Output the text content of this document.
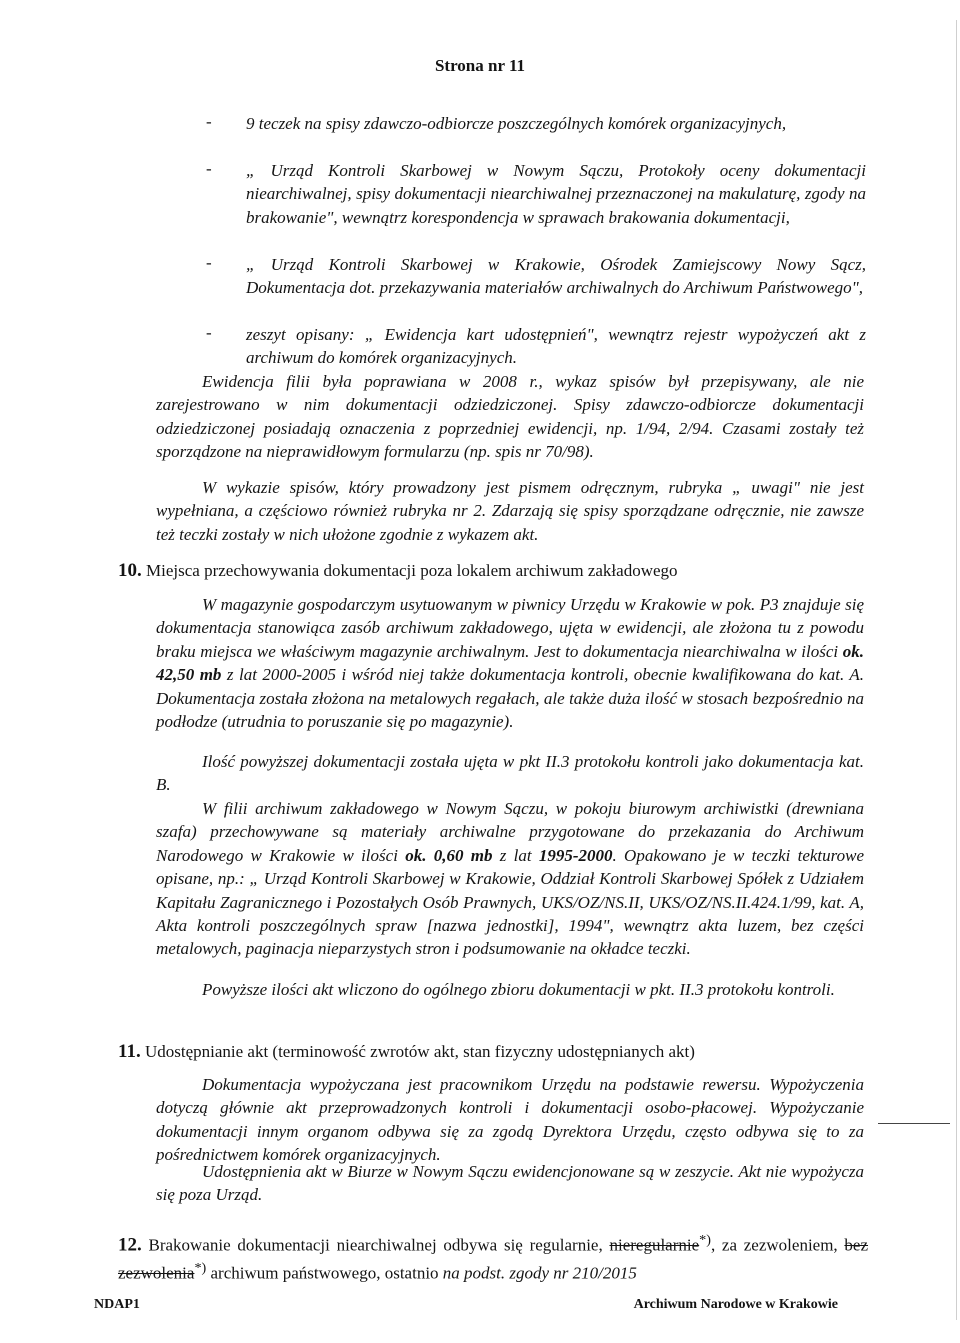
Strona nr 11
- 9 teczek na spisy zdawczo-odbiorcze poszczególnych komórek organizacyjnych,
- „ Urząd Kontroli Skarbowej w Nowym Sączu, Protokoły oceny dokumentacji niearchiwalnej, spisy dokumentacji niearchiwalnej przeznaczonej na makulaturę, zgody na brakowanie", wewnątrz korespondencja w sprawach brakowania dokumentacji,
- „ Urząd Kontroli Skarbowej w Krakowie, Ośrodek Zamiejscowy Nowy Sącz, Dokumentacja dot. przekazywania materiałów archiwalnych do Archiwum Państwowego",
- zeszyt opisany: „ Ewidencja kart udostępnień", wewnątrz rejestr wypożyczeń akt z archiwum do komórek organizacyjnych.
Ewidencja filii była poprawiana w 2008 r., wykaz spisów był przepisywany, ale nie zarejestrowano w nim dokumentacji odziedziczonej. Spisy zdawczo-odbiorcze dokumentacji odziedziczonej posiadają oznaczenia z poprzedniej ewidencji, np. 1/94, 2/94. Czasami zostały też sporządzone na nieprawidłowym formularzu (np. spis nr 70/98).
W wykazie spisów, który prowadzony jest pismem odręcznym, rubryka „ uwagi" nie jest wypełniana, a częściowo również rubryka nr 2. Zdarzają się spisy sporządzane odręcznie, nie zawsze też teczki zostały w nich ułożone zgodnie z wykazem akt.
10. Miejsca przechowywania dokumentacji poza lokalem archiwum zakładowego
W magazynie gospodarczym usytuowanym w piwnicy Urzędu w Krakowie w pok. P3 znajduje się dokumentacja stanowiąca zasób archiwum zakładowego, ujęta w ewidencji, ale złożona tu z powodu braku miejsca we właściwym magazynie archiwalnym. Jest to dokumentacja niearchiwalna w ilości ok. 42,50 mb z lat 2000-2005 i wśród niej także dokumentacja kontroli, obecnie kwalifikowana do kat. A. Dokumentacja została złożona na metalowych regałach, ale także duża ilość w stosach bezpośrednio na podłodze (utrudnia to poruszanie się po magazynie).
Ilość powyższej dokumentacji została ujęta w pkt II.3 protokołu kontroli jako dokumentacja kat. B.
W filii archiwum zakładowego w Nowym Sączu, w pokoju biurowym archiwistki (drewniana szafa) przechowywane są materiały archiwalne przygotowane do przekazania do Archiwum Narodowego w Krakowie w ilości ok. 0,60 mb z lat 1995-2000. Opakowano je w teczki tekturowe opisane, np.: „ Urząd Kontroli Skarbowej w Krakowie, Oddział Kontroli Skarbowej Spółek z Udziałem Kapitału Zagranicznego i Pozostałych Osób Prawnych, UKS/OZ/NS.II, UKS/OZ/NS.II.424.1/99, kat. A, Akta kontroli poszczególnych spraw [nazwa jednostki], 1994", wewnątrz akta luzem, bez części metalowych, paginacja nieparzystych stron i podsumowanie na okładce teczki.
Powyższe ilości akt wliczono do ogólnego zbioru dokumentacji w pkt. II.3 protokołu kontroli.
11. Udostępnianie akt (terminowość zwrotów akt, stan fizyczny udostępnianych akt)
Dokumentacja wypożyczana jest pracownikom Urzędu na podstawie rewersu. Wypożyczenia dotyczą głównie akt przeprowadzonych kontroli i dokumentacji osobo-płacowej. Wypożyczanie dokumentacji innym organom odbywa się za zgodą Dyrektora Urzędu, często odbywa się to za pośrednictwem komórek organizacyjnych.
Udostępnienia akt w Biurze w Nowym Sączu ewidencjonowane są w zeszycie. Akt nie wypożycza się poza Urząd.
12. Brakowanie dokumentacji niearchiwalnej odbywa się regularnie, nieregularnie*), za zezwoleniem, bez zezwolenia*) archiwum państwowego, ostatnio na podst. zgody nr 210/2015
NDAP1	Archiwum Narodowe w Krakowie
